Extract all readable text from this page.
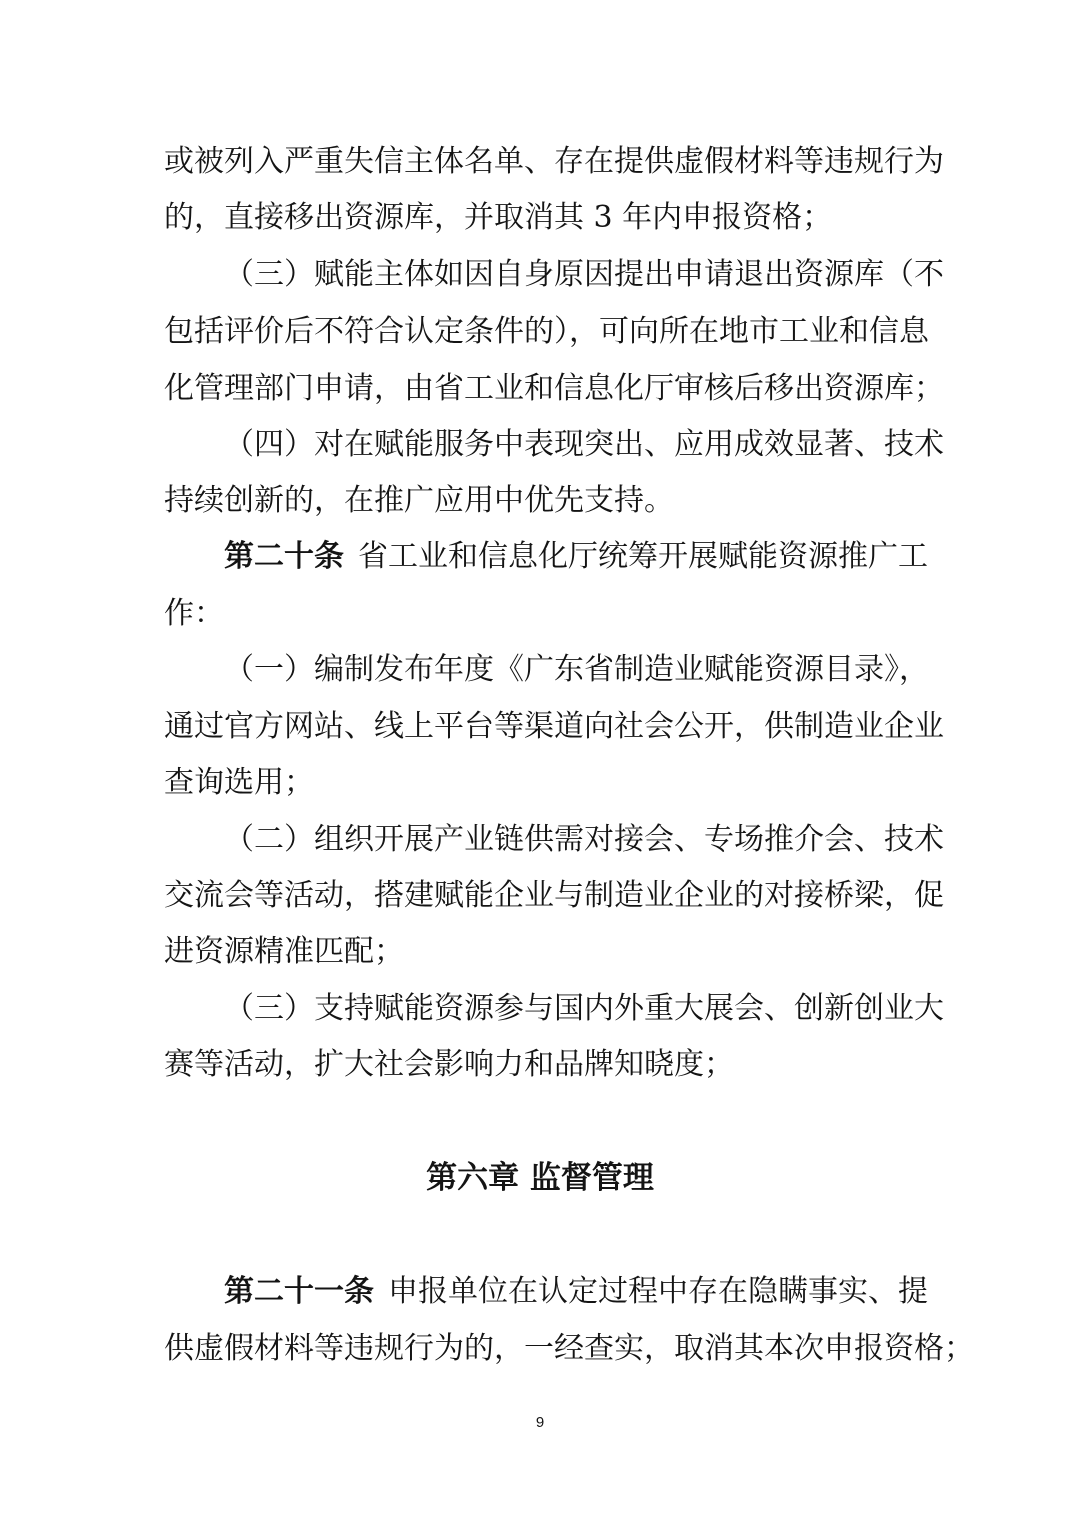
或被列入严重失信主体名单、存在提供虚假材料等违规行为
的，直接移出资源库，并取消其 3 年内申报资格；
（三）赋能主体如因自身原因提出申请退出资源库（不
包括评价后不符合认定条件的），可向所在地市工业和信息
化管理部门申请，由省工业和信息化厅审核后移出资源库；
（四）对在赋能服务中表现突出、应用成效显著、技术
持续创新的，在推广应用中优先支持。
第二十条 省工业和信息化厅统筹开展赋能资源推广工
作：
（一）编制发布年度《广东省制造业赋能资源目录》，
通过官方网站、线上平台等渠道向社会公开，供制造业企业
查询选用；
（二）组织开展产业链供需对接会、专场推介会、技术
交流会等活动，搭建赋能企业与制造业企业的对接桥梁，促
进资源精准匹配；
（三）支持赋能资源参与国内外重大展会、创新创业大
赛等活动，扩大社会影响力和品牌知晓度；
第六章 监督管理
第二十一条 申报单位在认定过程中存在隐瞒事实、提
供虚假材料等违规行为的，一经查实，取消其本次申报资格；
9
